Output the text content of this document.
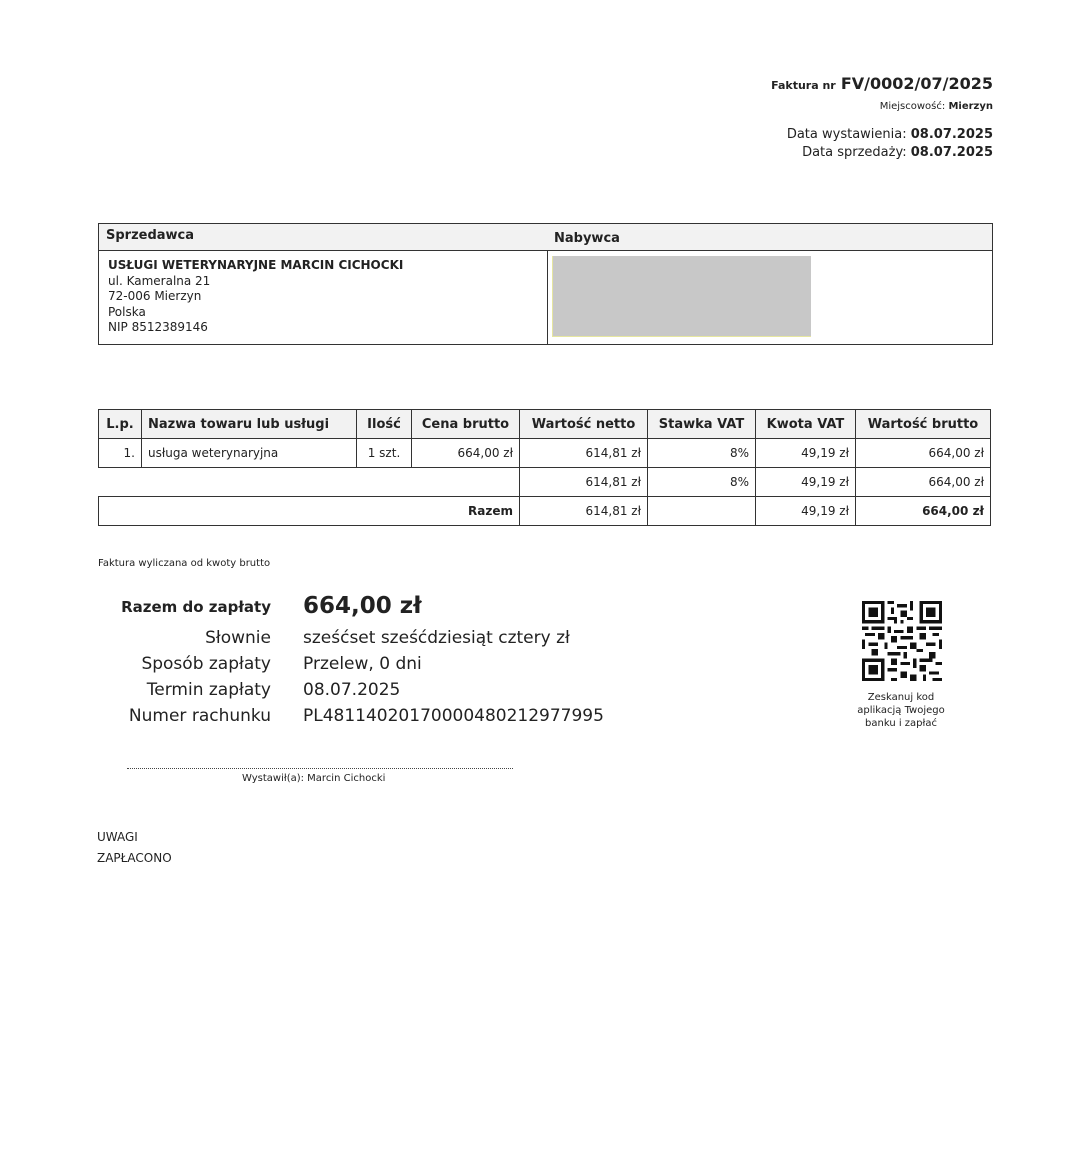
Faktura nr FV/0002/07/2025
Miejscowość: Mierzyn
Data wystawienia: 08.07.2025
Data sprzedaży: 08.07.2025
Sprzedawca
USŁUGI WETERYNARYJNE MARCIN CICHOCKI
ul. Kameralna 21
72-006 Mierzyn
Polska
NIP 8512389146
Nabywca
L.p.	Nazwa towaru lub usługi	Ilość	Cena brutto	Wartość netto	Stawka VAT	Kwota VAT	Wartość brutto
1.	usługa weterynaryjna	1 szt.	664,00 zł	614,81 zł	8%	49,19 zł	664,00 zł
				614,81 zł	8%	49,19 zł	664,00 zł
Razem				614,81 zł		49,19 zł	664,00 zł
Faktura wyliczana od kwoty brutto
Razem do zapłaty 664,00 zł
Słownie sześćset sześćdziesiąt cztery zł
Sposób zapłaty Przelew, 0 dni
Termin zapłaty 08.07.2025
Numer rachunku PL48114020170000480212977995
Zeskanuj kod
aplikacją Twojego
banku i zapłać
Wystawił(a): Marcin Cichocki
UWAGI
ZAPŁACONO
